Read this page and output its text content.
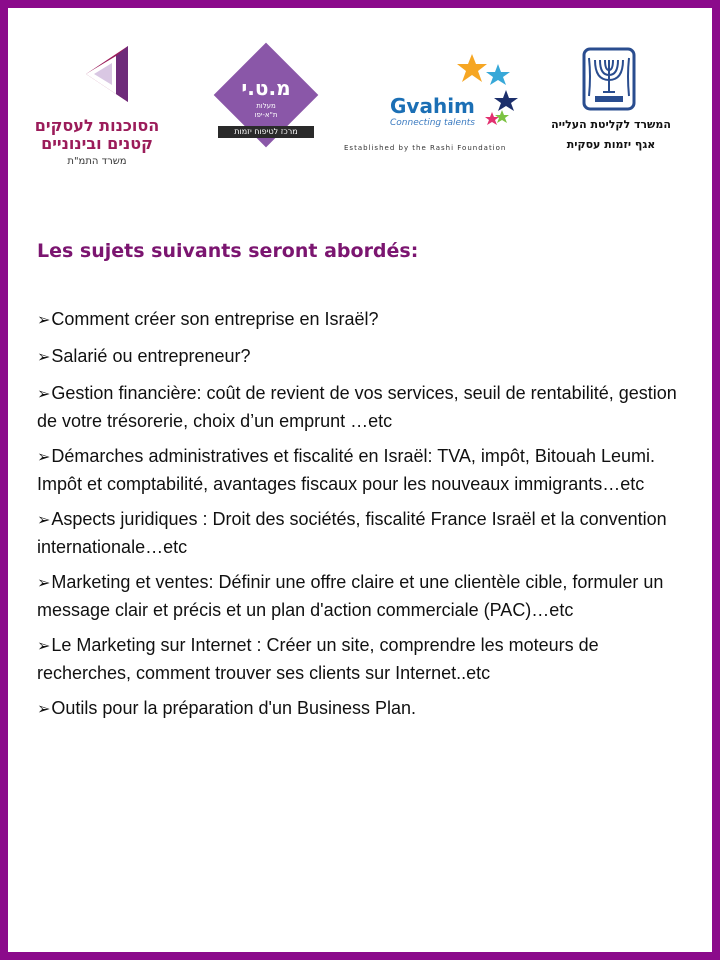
הסוכנות לעסקים
קטנים ובינוניים
משרד התמ"ת
מ.ט.י
מעלות
ת"א-יפו
מרכז לטיפוח יזמות
Gvahim
Connecting talents
Established by the Rashi Foundation
המשרד לקליטת העלייה
אגף יזמות עסקית
Les sujets suivants seront abordés:
➢Comment créer son entreprise en Israël?
➢Salarié ou entrepreneur?
➢Gestion financière: coût de revient de vos services, seuil de rentabilité, gestion de votre trésorerie, choix d’un emprunt …etc
➢Démarches administratives et fiscalité en Israël: TVA, impôt, Bitouah Leumi. Impôt et comptabilité, avantages fiscaux pour les nouveaux immigrants…etc
➢Aspects juridiques : Droit des sociétés, fiscalité France Israël et la convention internationale…etc
➢Marketing et ventes: Définir une offre claire et une clientèle cible, formuler un message clair et précis et un plan d'action commerciale (PAC)…etc
➢Le Marketing sur Internet : Créer un site, comprendre les moteurs de recherches, comment trouver ses clients sur Internet..etc
➢Outils pour la préparation d'un Business Plan.
